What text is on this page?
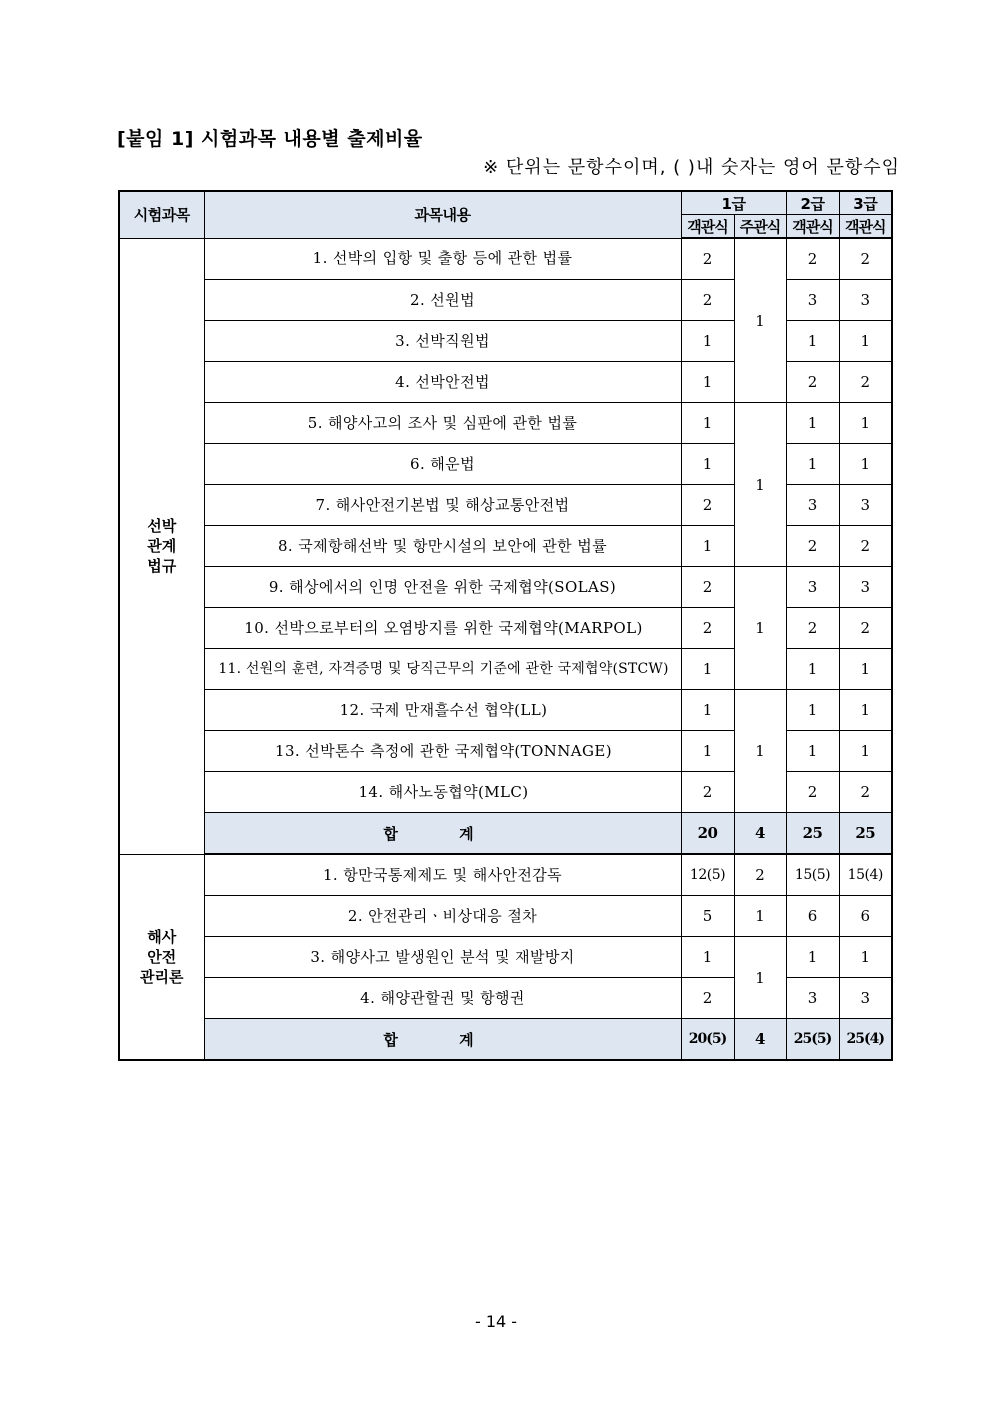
[붙임 1] 시험과목 내용별 출제비율
※ 단위는 문항수이며, ( )내 숫자는 영어 문항수임
시험과목	과목내용	1급		2급	3급
		객관식	주관식	객관식	객관식
선박
관계
법규	1. 선박의 입항 및 출항 등에 관한 법률	2	1	2	2
	2. 선원법	2		3	3
	3. 선박직원법	1		1	1
	4. 선박안전법	1		2	2
	5. 해양사고의 조사 및 심판에 관한 법률	1	1	1	1
	6. 해운법	1		1	1
	7. 해사안전기본법 및 해상교통안전법	2		3	3
	8. 국제항해선박 및 항만시설의 보안에 관한 법률	1		2	2
	9. 해상에서의 인명 안전을 위한 국제협약(SOLAS)	2	1	3	3
	10. 선박으로부터의 오염방지를 위한 국제협약(MARPOL)	2		2	2
	11. 선원의 훈련, 자격증명 및 당직근무의 기준에 관한 국제협약(STCW)	1		1	1
	12. 국제 만재흘수선 협약(LL)	1	1	1	1
	13. 선박톤수 측정에 관한 국제협약(TONNAGE)	1		1	1
	14. 해사노동협약(MLC)	2		2	2
	합 계	20	4	25	25
해사
안전
관리론	1. 항만국통제제도 및 해사안전감독	12(5)	2	15(5)	15(4)
	2. 안전관리ㆍ비상대응 절차	5	1	6	6
	3. 해양사고 발생원인 분석 및 재발방지	1	1	1	1
	4. 해양관할권 및 항행권	2		3	3
	합 계	20(5)	4	25(5)	25(4)
- 14 -
